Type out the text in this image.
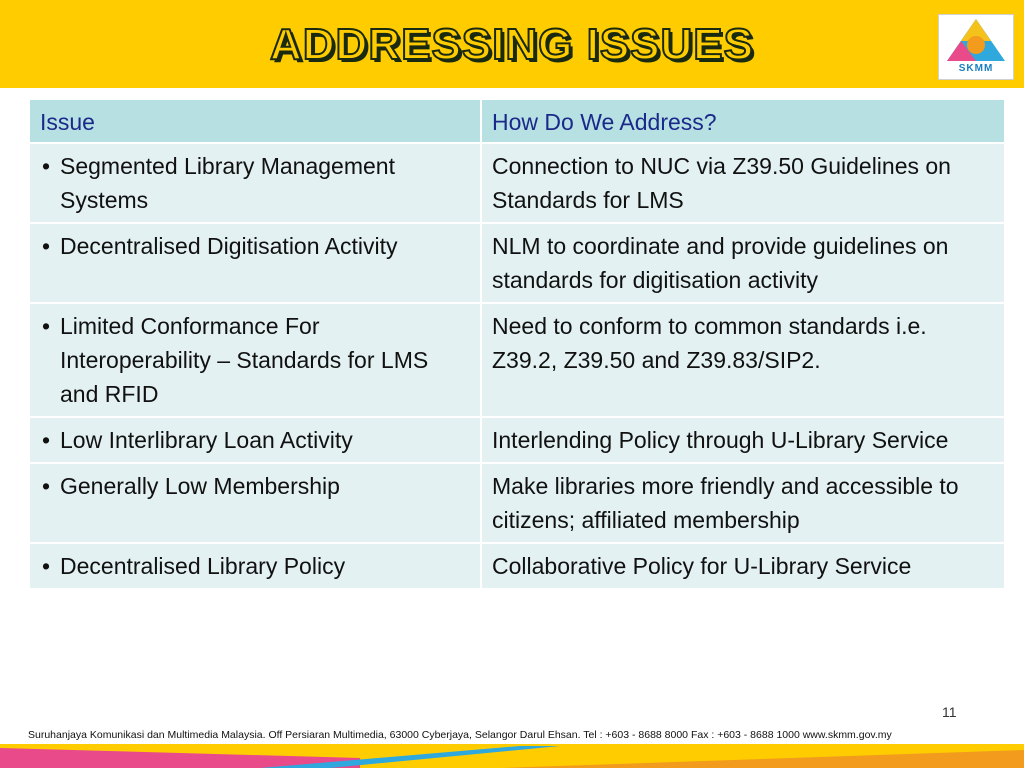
ADDRESSING ISSUES	SKMM
Issue	How Do We Address?

• Segmented Library Management Systems	Connection to NUC via Z39.50 Guidelines on Standards for LMS

• Decentralised Digitisation Activity	NLM to coordinate and provide guidelines on standards for digitisation activity

• Limited Conformance For Interoperability – Standards for LMS and RFID	Need to conform to common standards i.e. Z39.2, Z39.50 and Z39.83/SIP2.

• Low Interlibrary Loan Activity	Interlending Policy through U-Library Service

• Generally Low Membership	Make libraries more friendly and accessible to citizens; affiliated membership

• Decentralised Library Policy	Collaborative Policy for U-Library Service
11
Suruhanjaya Komunikasi dan Multimedia Malaysia. Off Persiaran Multimedia, 63000 Cyberjaya, Selangor Darul Ehsan. Tel : +603 - 8688 8000 Fax : +603 - 8688 1000 www.skmm.gov.my
